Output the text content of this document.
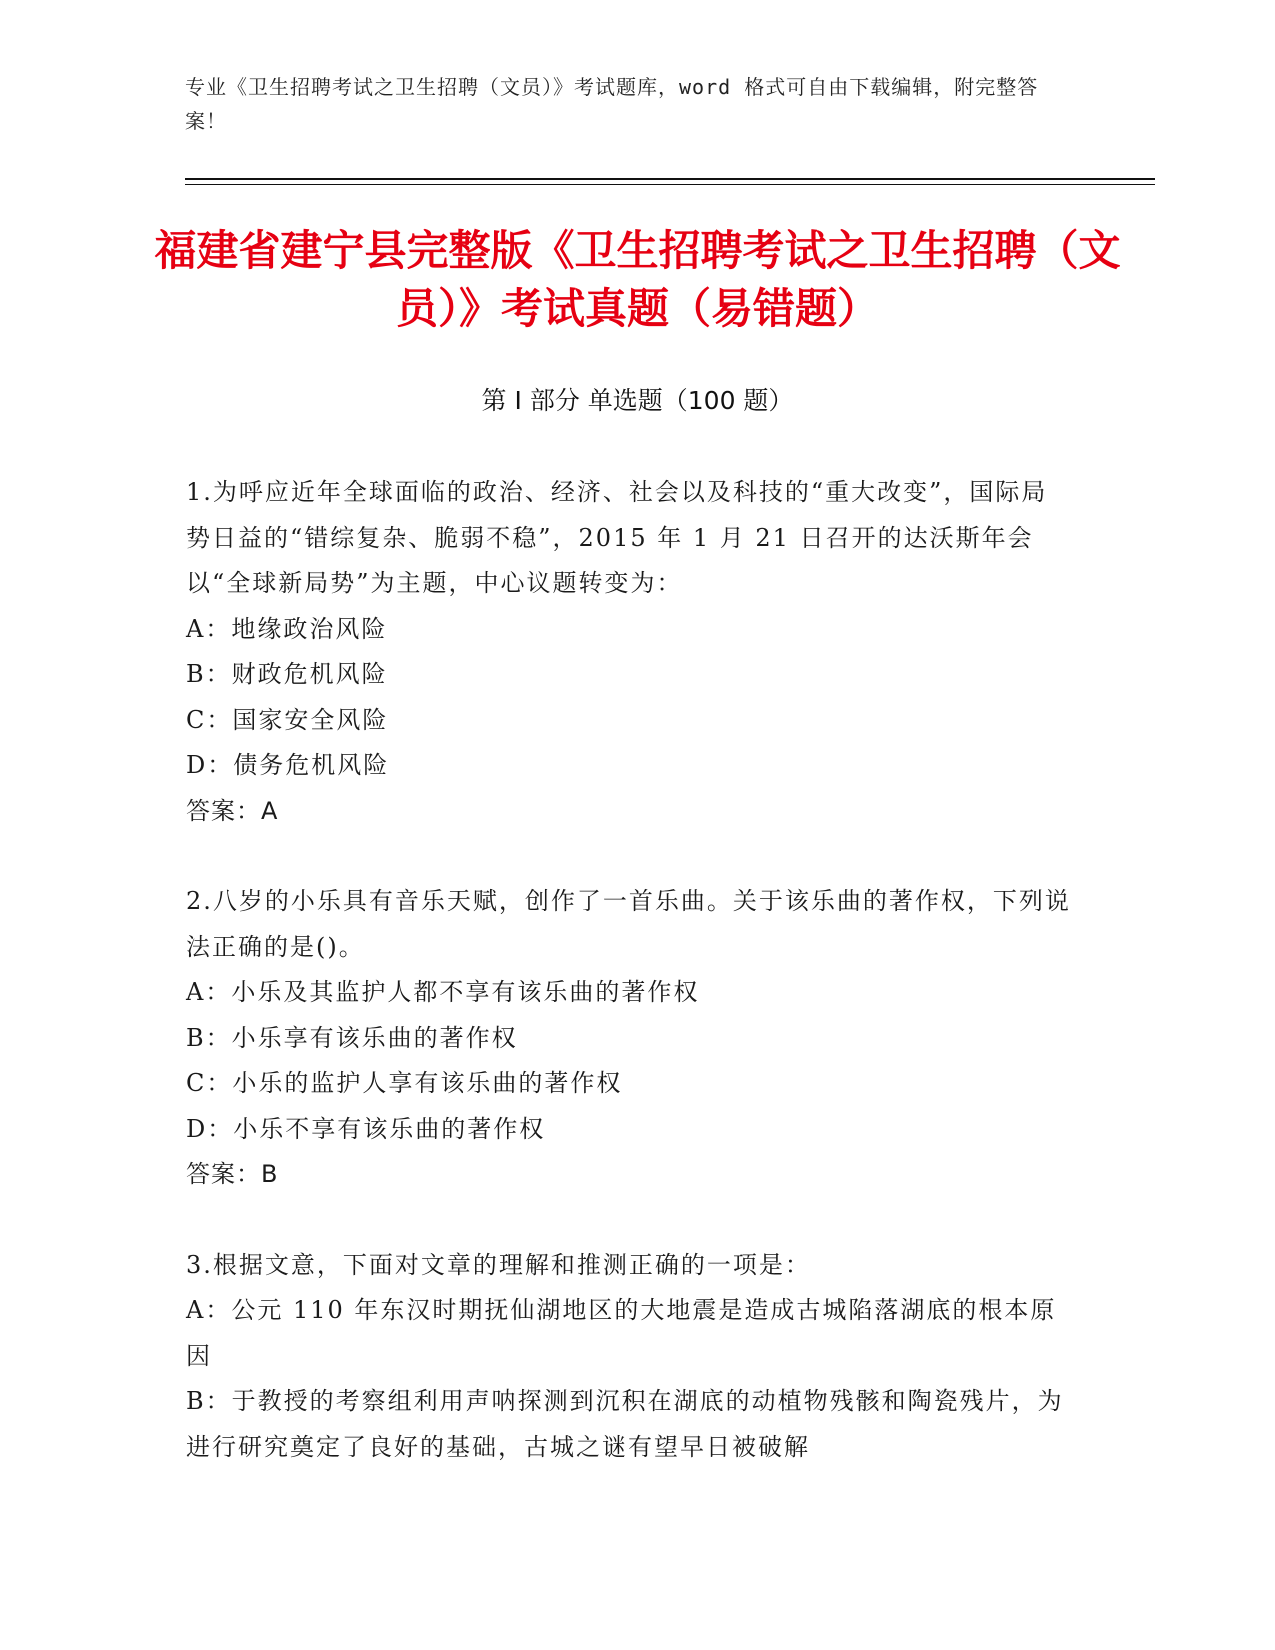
专业《卫生招聘考试之卫生招聘（文员）》考试题库，word 格式可自由下载编辑，附完整答案！
福建省建宁县完整版《卫生招聘考试之卫生招聘（文员）》考试真题（易错题）
第 I 部分 单选题（100 题）
1.为呼应近年全球面临的政治、经济、社会以及科技的“重大改变”，国际局势日益的“错综复杂、脆弱不稳”，2015 年 1 月 21 日召开的达沃斯年会以“全球新局势”为主题，中心议题转变为：
A：地缘政治风险
B：财政危机风险
C：国家安全风险
D：债务危机风险
答案：A
2.八岁的小乐具有音乐天赋，创作了一首乐曲。关于该乐曲的著作权，下列说法正确的是()。
A：小乐及其监护人都不享有该乐曲的著作权
B：小乐享有该乐曲的著作权
C：小乐的监护人享有该乐曲的著作权
D：小乐不享有该乐曲的著作权
答案：B
3.根据文意，下面对文章的理解和推测正确的一项是：
A：公元 110 年东汉时期抚仙湖地区的大地震是造成古城陷落湖底的根本原因
B：于教授的考察组利用声呐探测到沉积在湖底的动植物残骸和陶瓷残片，为进行研究奠定了良好的基础，古城之谜有望早日被破解
